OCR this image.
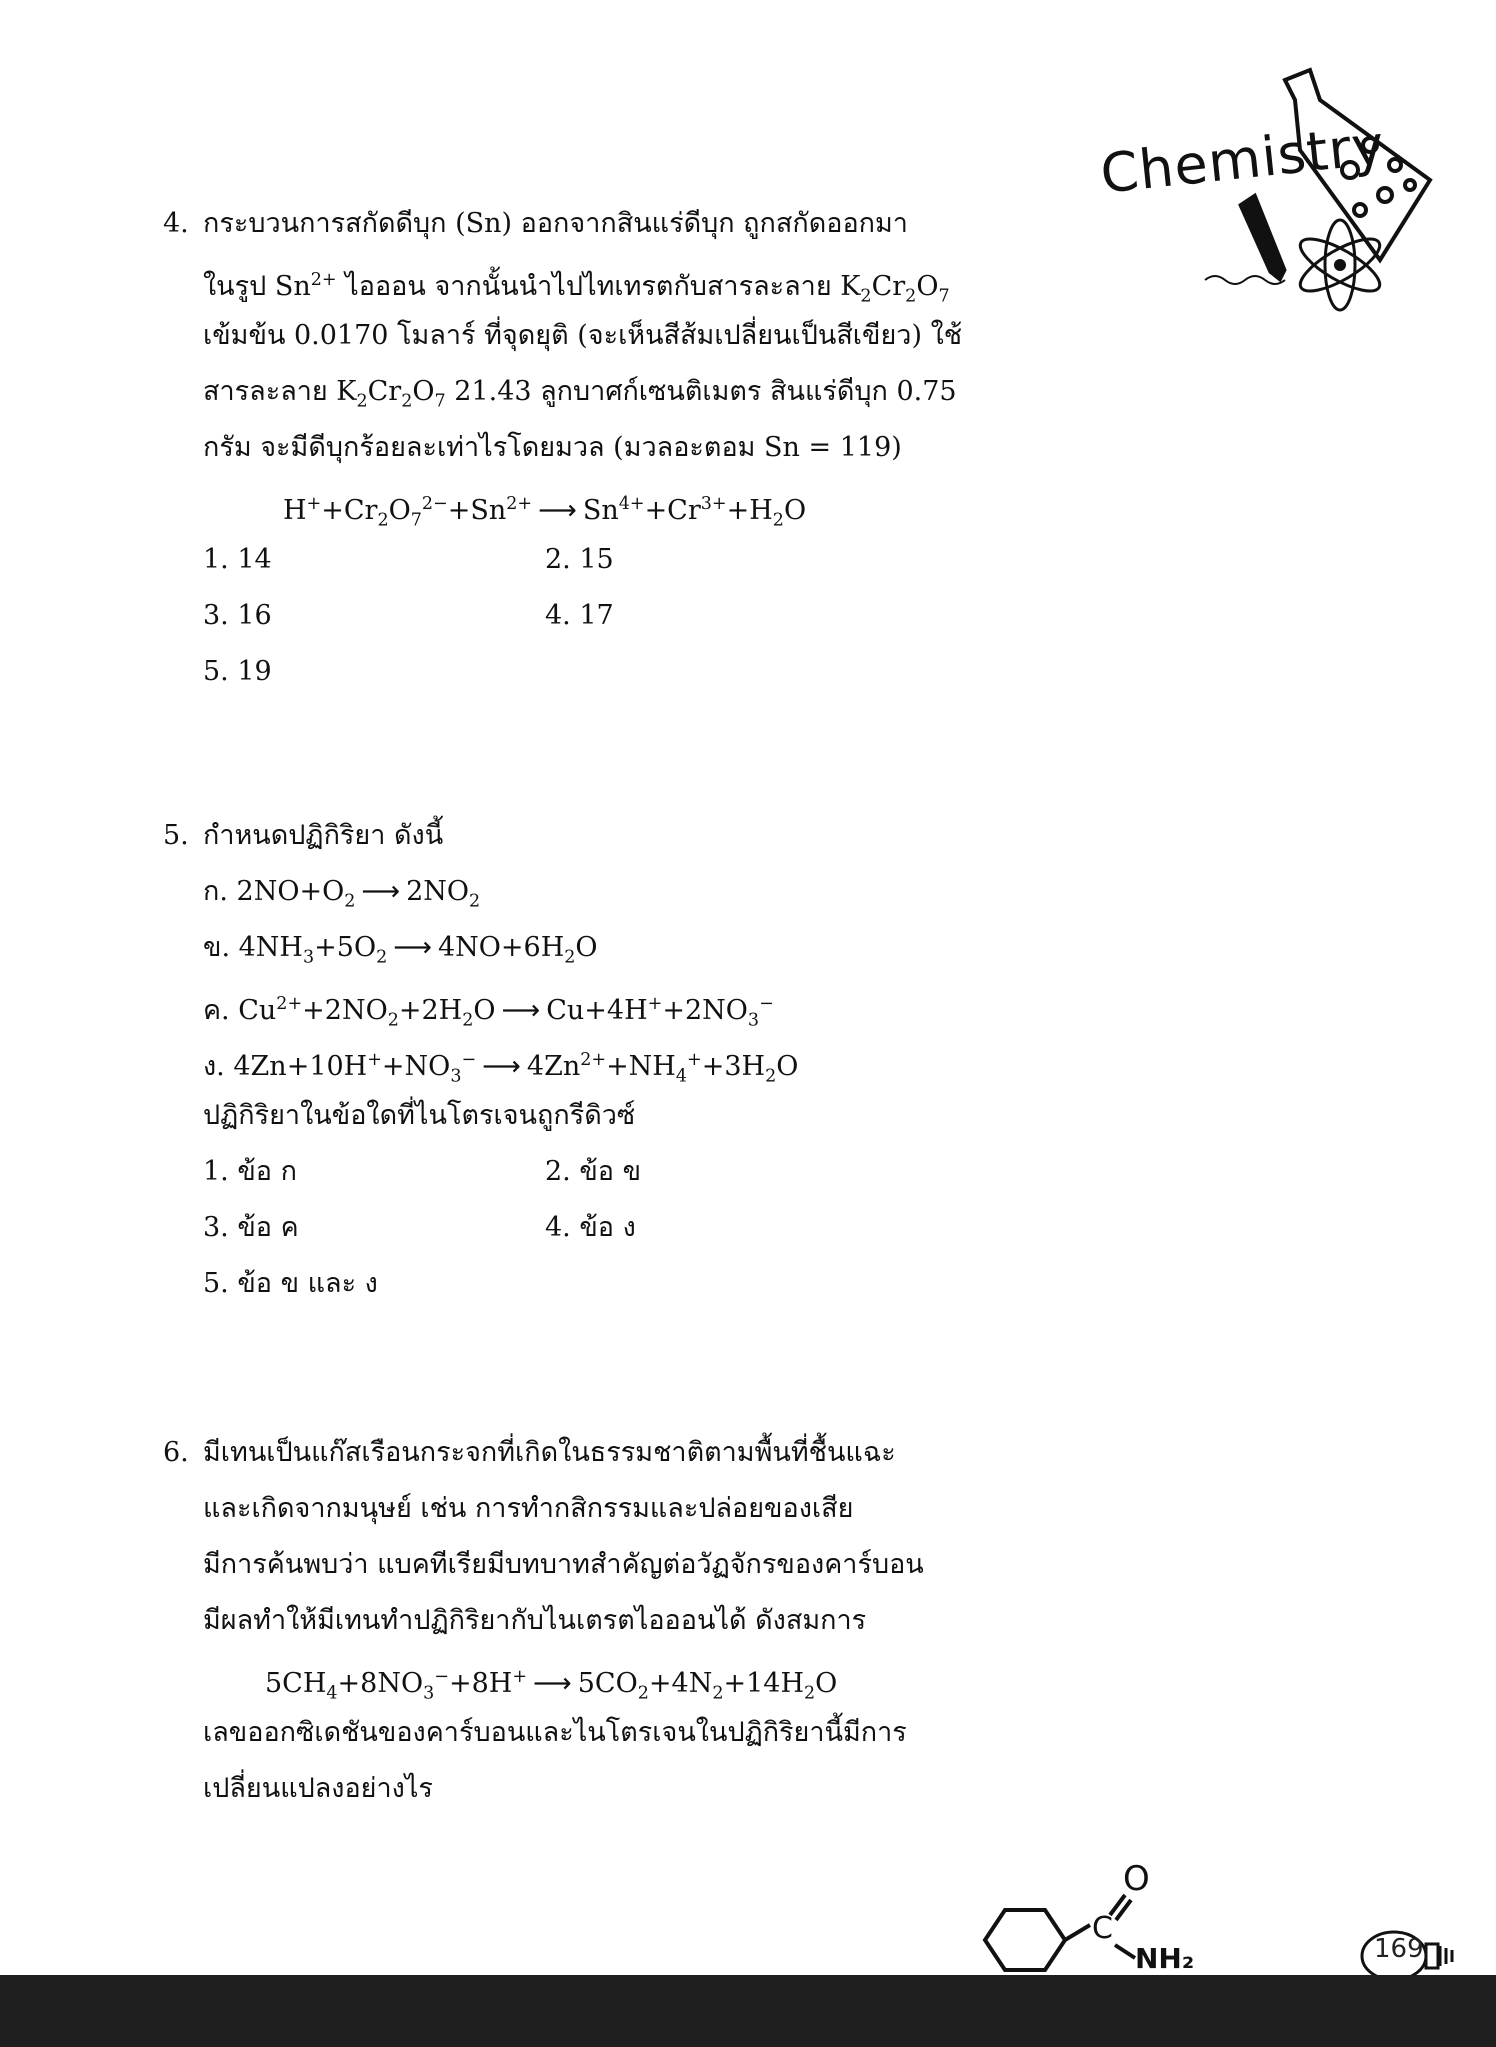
Chemistry
4. กระบวนการสกัดดีบุก (Sn) ออกจากสินแร่ดีบุก ถูกสกัดออกมา
ในรูป $Sn^{2+}$ ไอออน จากนั้นนำไปไทเทรตกับสารละลาย $K_2Cr_2O_7$
เข้มข้น 0.0170 โมลาร์ ที่จุดยุติ (จะเห็นสีส้มเปลี่ยนเป็นสีเขียว) ใช้
สารละลาย $K_2Cr_2O_7$ 21.43 ลูกบาศก์เซนติเมตร สินแร่ดีบุก 0.75
กรัม จะมีดีบุกร้อยละเท่าไรโดยมวล (มวลอะตอม Sn = 119)
$H^++Cr_2O_7^{2-}+Sn^{2+}$ ⟶ $Sn^{4+}+Cr^{3+}+H_2O$
1. 14	2. 15
3. 16	4. 17
5. 19
5. กำหนดปฏิกิริยา ดังนี้
ก. $2NO+O_2$ ⟶ $2NO_2$
ข. $4NH_3+5O_2$ ⟶ $4NO+6H_2O$
ค. $Cu^{2+}+2NO_2+2H_2O$ ⟶ $Cu+4H^++2NO_3^-$
ง. $4Zn+10H^++NO_3^-$ ⟶ $4Zn^{2+}+NH_4^++3H_2O$
ปฏิกิริยาในข้อใดที่ไนโตรเจนถูกรีดิวซ์
1. ข้อ ก	2. ข้อ ข
3. ข้อ ค	4. ข้อ ง
5. ข้อ ข และ ง
6. มีเทนเป็นแก๊สเรือนกระจกที่เกิดในธรรมชาติตามพื้นที่ชื้นแฉะ
และเกิดจากมนุษย์ เช่น การทำกสิกรรมและปล่อยของเสีย
มีการค้นพบว่า แบคทีเรียมีบทบาทสำคัญต่อวัฏจักรของคาร์บอน
มีผลทำให้มีเทนทำปฏิกิริยากับไนเตรตไอออนได้ ดังสมการ
$5CH_4+8NO_3^-+8H^+$ ⟶ $5CO_2+4N_2+14H_2O$
เลขออกซิเดชันของคาร์บอนและไนโตรเจนในปฏิกิริยานี้มีการ
เปลี่ยนแปลงอย่างไร
C
O
NH₂	169
